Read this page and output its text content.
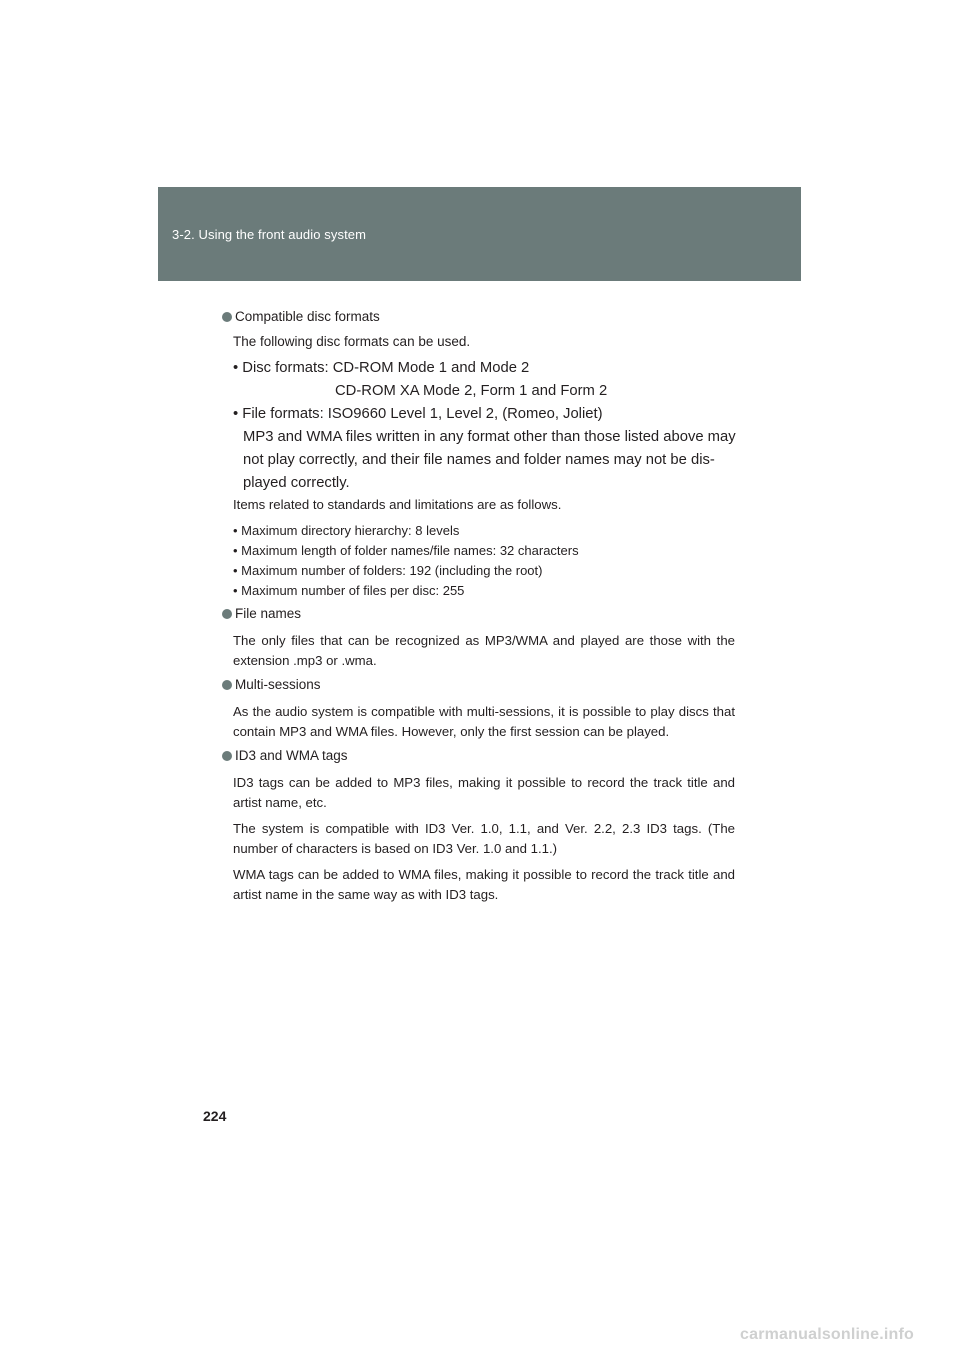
3-2. Using the front audio system
Compatible disc formats
The following disc formats can be used.
• Disc formats: CD-ROM Mode 1 and Mode 2
CD-ROM XA Mode 2, Form 1 and Form 2
• File formats: ISO9660 Level 1, Level 2, (Romeo, Joliet)
MP3 and WMA files written in any format other than those listed above may
not play correctly, and their file names and folder names may not be dis-
played correctly.
Items related to standards and limitations are as follows.
• Maximum directory hierarchy: 8 levels
• Maximum length of folder names/file names: 32 characters
• Maximum number of folders: 192 (including the root)
• Maximum number of files per disc: 255
File names
The only files that can be recognized as MP3/WMA and played are those with the extension .mp3 or .wma.
Multi-sessions
As the audio system is compatible with multi-sessions, it is possible to play discs that contain MP3 and WMA files. However, only the first session can be played.
ID3 and WMA tags
ID3 tags can be added to MP3 files, making it possible to record the track title and artist name, etc.
The system is compatible with ID3 Ver. 1.0, 1.1, and Ver. 2.2, 2.3 ID3 tags. (The number of characters is based on ID3 Ver. 1.0 and 1.1.)
WMA tags can be added to WMA files, making it possible to record the track title and artist name in the same way as with ID3 tags.
224
carmanualsonline.info
